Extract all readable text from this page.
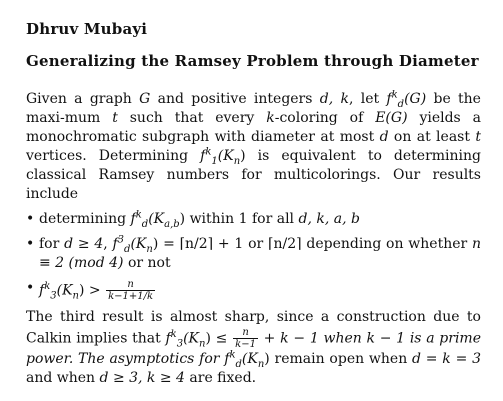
Dhruv Mubayi

Generalizing the Ramsey Problem through Diameter

Given a graph G and positive integers d, k, let $f^k_d(G)$ be the maxi-mum t such that every k-coloring of E(G) yields a monochromatic subgraph with diameter at most d on at least t vertices. Determining $f^k_1(K_n)$ is equivalent to determining classical Ramsey numbers for multicolorings. Our results include

• determining $f^k_d(K_{a,b})$ within 1 for all d, k, a, b
• for d ≥ 4, $f^3_d(K_n)$ = ⌈n/2⌉ + 1 or ⌈n/2⌉ depending on whether n ≡ 2 (mod 4) or not
• $f^k_3(K_n) > \frac{n}{k-1+1/k}$

The third result is almost sharp, since a construction due to Calkin implies that $f^k_3(K_n) \le \frac{n}{k-1} + k - 1$ when k − 1 is a prime power. The asymptotics for $f^k_d(K_n)$ remain open when d = k = 3 and when d ≥ 3, k ≥ 4 are fixed.
